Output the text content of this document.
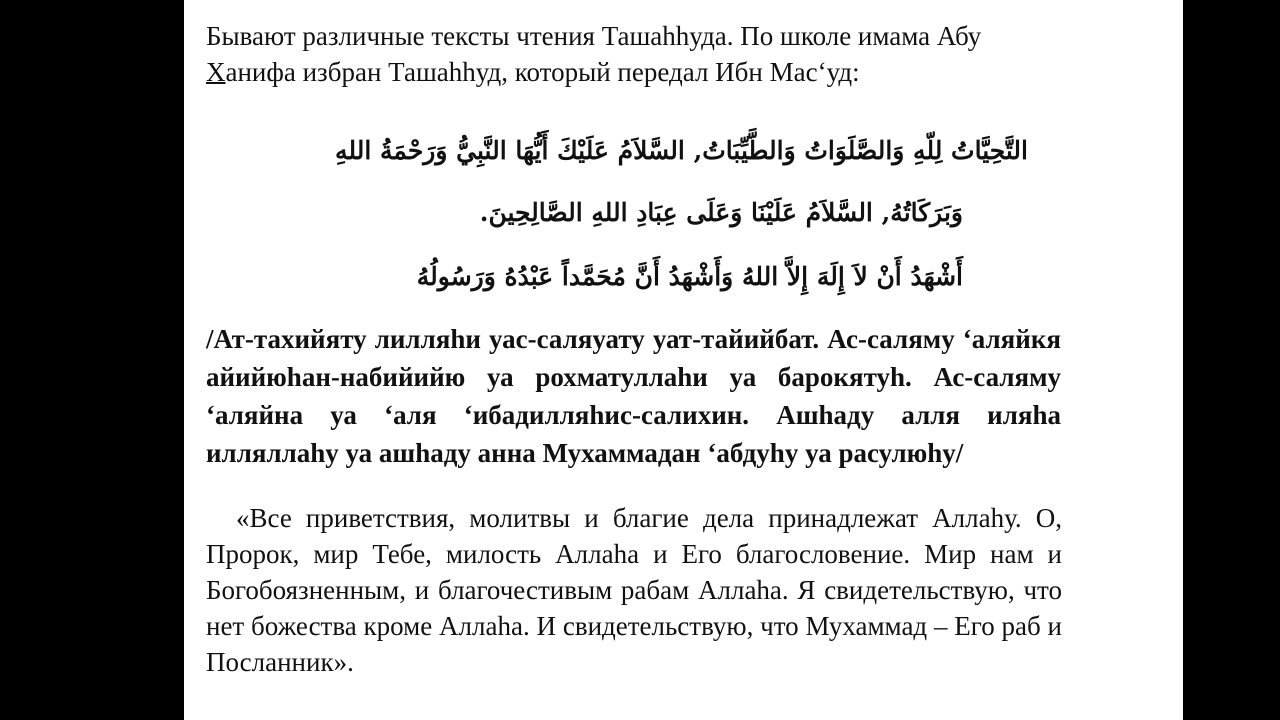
Бывают различные тексты чтения Ташаhhуда. По школе имама Абу Ханифа избран Ташаhhуд, который передал Ибн Мас‘уд:
التَّحِيَّاتُ لِلّهِ وَالصَّلَوَاتُ وَالطَّيِّبَاتُ, السَّلاَمُ عَلَيْكَ أَيُّهَا النَّبِيُّ وَرَحْمَةُ اللهِ
وَبَرَكَاتُهُ, السَّلاَمُ عَلَيْنَا وَعَلَى عِبَادِ اللهِ الصَّالِحِينَ.
أَشْهَدُ أَنْ لاَ إِلَهَ إِلاَّ اللهُ وَأَشْهَدُ أَنَّ مُحَمَّداً عَبْدُهُ وَرَسُولُهُ
/Ат-тахийяту лилляhи уас-саляуату уат-тайийбат. Ас-саляму ‘аляйкя айийюhан-набийийю уа рохматуллаhи уа барокятуh. Ас-саляму ‘аляйна уа ‘аля ‘ибадилляhис-салихин. Ашhаду алля иляhа илляллаhу уа ашhаду анна Мухаммадан ‘абдуhу уа расулюhу/
«Все приветствия, молитвы и благие дела принадлежат Аллаhу. О, Пророк, мир Тебе, милость Аллаhа и Его благословение. Мир нам и Богобоязненным, и благочестивым рабам Аллаhа. Я свидетельствую, что нет божества кроме Аллаhа. И свидетельствую, что Мухаммад – Его раб и Посланник».
